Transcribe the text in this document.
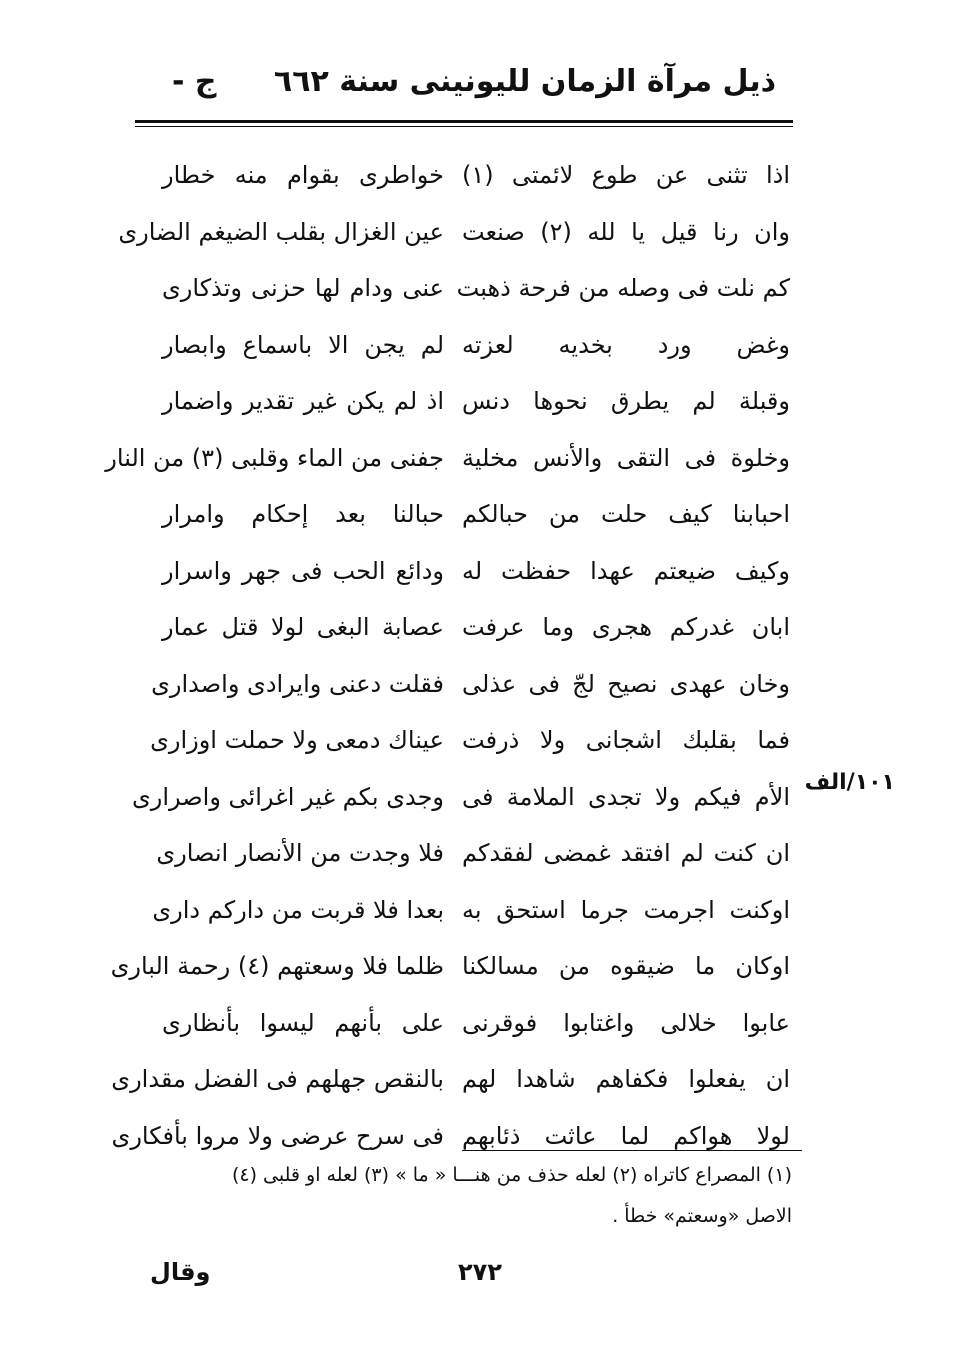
ذيل مرآة الزمان لليونينى سنة ٦٦٢
ج -
اذا تثنى عن طوع لائمتى (١)
خواطرى بقوام منه خطار
وان رنا قيل يا لله (٢) صنعت
عين الغزال بقلب الضيغم الضارى
كم نلت فى وصله من فرحة ذهبت
عنى ودام لها حزنى وتذكارى
وغض ورد بخديه لعزته
لم يجن الا باسماع وابصار
وقبلة لم يطرق نحوها دنس
اذ لم يكن غير تقدير واضمار
وخلوة فى التقى والأنس مخلية
جفنى من الماء وقلبى (٣) من النار
احبابنا كيف حلت من حبالكم
حبالنا بعد إحكام وامرار
وكيف ضيعتم عهدا حفظت له
ودائع الحب فى جهر واسرار
ابان غدركم هجرى وما عرفت
عصابة البغى لولا قتل عمار
وخان عهدى نصيح لجّ فى عذلى
فقلت دعنى وايرادى واصدارى
فما بقلبك اشجانى ولا ذرفت
عيناك دمعى ولا حملت اوزارى
الأم فيكم ولا تجدى الملامة فى
وجدى بكم غير اغرائى واصرارى
ان كنت لم افتقد غمضى لفقدكم
فلا وجدت من الأنصار انصارى
اوكنت اجرمت جرما استحق به
بعدا فلا قربت من داركم دارى
اوكان ما ضيقوه من مسالكنا
ظلما فلا وسعتهم (٤) رحمة البارى
عابوا خلالى واغتابوا فوقرنى
على بأنهم ليسوا بأنظارى
ان يفعلوا فكفاهم شاهدا لهم
بالنقص جهلهم فى الفضل مقدارى
لولا هواكم لما عاثت ذئابهم
فى سرح عرضى ولا مروا بأفكارى
١٠١/الف
(١) المصراع كاتراه (٢) لعله حذف من هنـــا « ما » (٣) لعله او قلبى (٤)
الاصل «وسعتم» خطأ .
٢٧٢
وقال
